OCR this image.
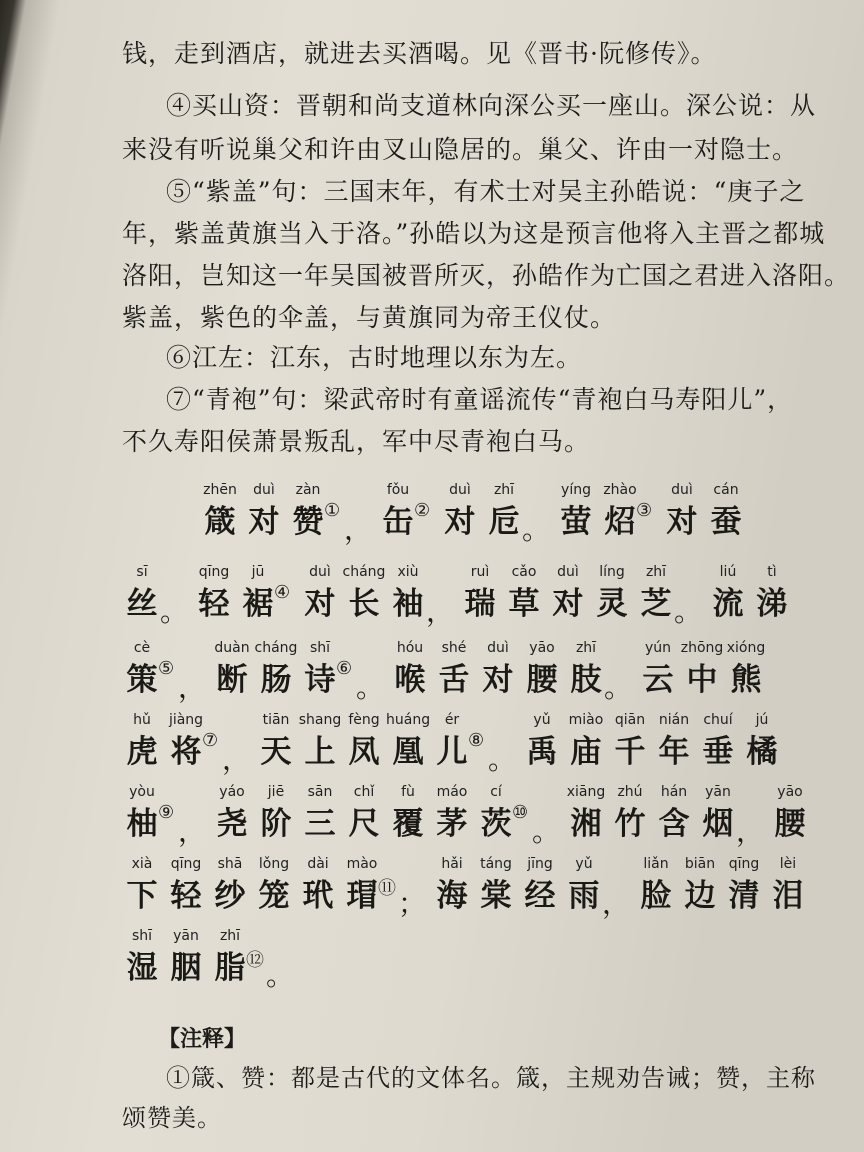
钱，走到酒店，就进去买酒喝。见《晋书·阮修传》。
④买山资：晋朝和尚支道林向深公买一座山。深公说：从
来没有听说巢父和许由叉山隐居的。巢父、许由一对隐士。
⑤“紫盖”句：三国末年，有术士对吴主孙皓说：“庚子之
年，紫盖黄旗当入于洛。”孙皓以为这是预言他将入主晋之都城
洛阳，岂知这一年吴国被晋所灭，孙皓作为亡国之君进入洛阳。
紫盖，紫色的伞盖，与黄旗同为帝王仪仗。
⑥江左：江东，古时地理以东为左。
⑦“青袍”句：梁武帝时有童谣流传“青袍白马寿阳儿”，
不久寿阳侯萧景叛乱，军中尽青袍白马。
zhēn
箴
duì
对
zàn
赞 ①
，
fǒu
缶 ②
duì
对
zhī
卮 。
yíng
萤
zhào
炤 ③
duì
对
cán
蚕
sī
丝 。
qīng
轻
jū
裾 ④
duì
对
cháng
长
xiù
袖 ，
ruì
瑞
cǎo
草
duì
对
líng
灵
zhī
芝 。
liú
流
tì
涕
cè
策 ⑤
，
duàn
断
cháng
肠
shī
诗 ⑥
。
hóu
喉
shé
舌
duì
对
yāo
腰
zhī
肢 。
yún
云
zhōng
中
xióng
熊
hǔ
虎
jiàng
将 ⑦
，
tiān
天
shang
上
fèng
凤
huáng
凰
ér
儿 ⑧
。
yǔ
禹
miào
庙
qiān
千
nián
年
chuí
垂
jú
橘
yòu
柚 ⑨
，
yáo
尧
jiē
阶
sān
三
chǐ
尺
fù
覆
máo
茅
cí
茨 ⑩
。
xiāng
湘
zhú
竹
hán
含
yān
烟 ，
yāo
腰
xià
下
qīng
轻
shā
纱
lǒng
笼
dài
玳
mào
瑁 ⑪ ；
hǎi
海
táng
棠
jīng
经
yǔ
雨 ，
liǎn
脸
biān
边
qīng
清
lèi
泪
shī
湿
yān
胭
zhī
脂 ⑫ 。
【注释】
①箴、赞：都是古代的文体名。箴，主规劝告诫；赞，主称
颂赞美。
